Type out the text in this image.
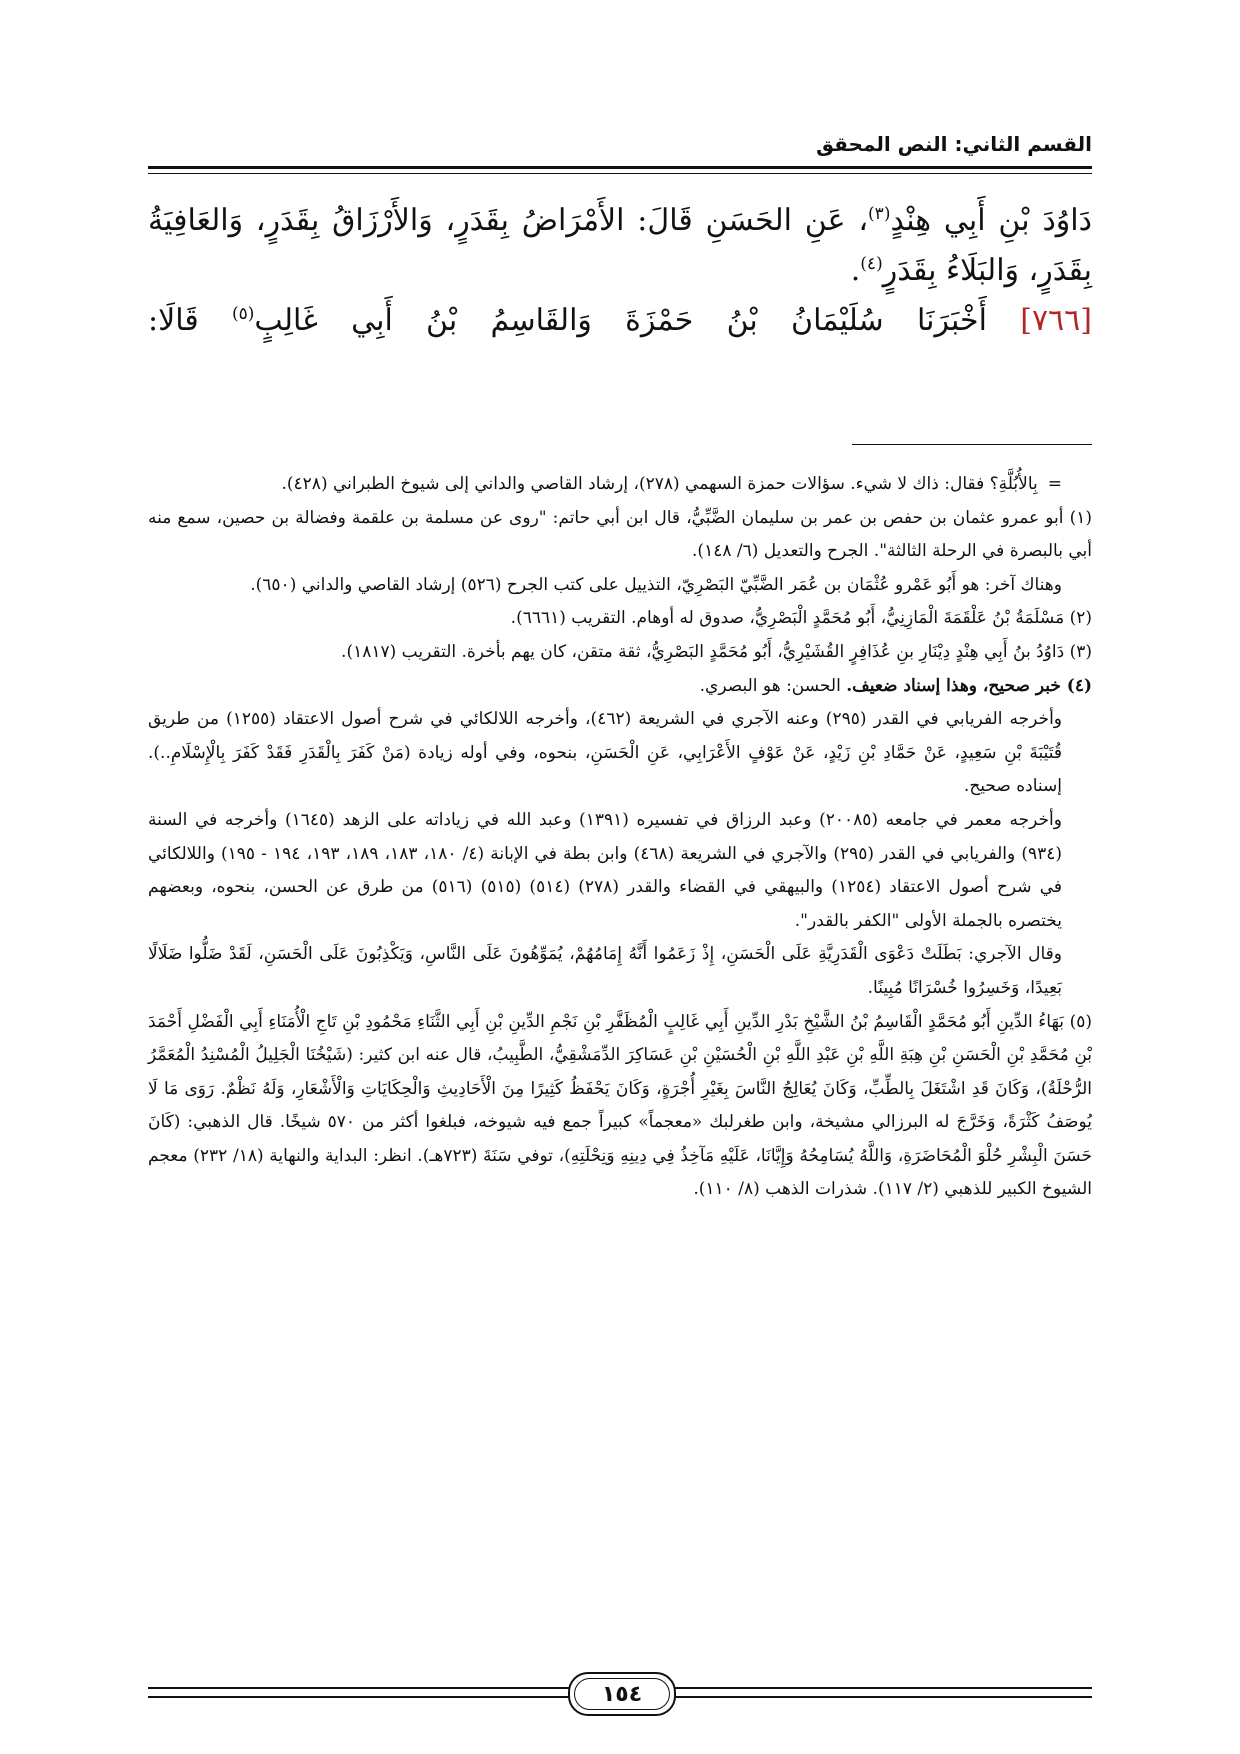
القسم الثاني: النص المحقق

دَاوُدَ بْنِ أَبِي هِنْدٍ$^{(٣)}$، عَنِ الحَسَنِ قَالَ: الأَمْرَاضُ بِقَدَرٍ، وَالأَرْزَاقُ بِقَدَرٍ، وَالعَافِيَةُ بِقَدَرٍ، وَالبَلَاءُ بِقَدَرٍ$^{(٤)}$.

[٧٦٦] أَخْبَرَنَا سُلَيْمَانُ بْنُ حَمْزَةَ وَالقَاسِمُ بْنُ أَبِي غَالِبٍ$^{(٥)}$ قَالَا:

=بِالأُبُلَّةِ؟ فقال: ذاك لا شيء. سؤالات حمزة السهمي (٢٧٨)، إرشاد القاصي والداني إلى شيوخ الطبراني (٤٢٨).

(١) أبو عمرو عثمان بن حفص بن عمر بن سليمان الضَّبِّيُّ، قال ابن أبي حاتم: "روى عن مسلمة بن علقمة وفضالة بن حصين، سمع منه أبي بالبصرة في الرحلة الثالثة". الجرح والتعديل (٦/ ١٤٨).

وهناك آخر: هو أَبُو عَمْرو عُثْمَان بن عُمَر الضَّبِّيّ البَصْرِيّ، التذييل على كتب الجرح (٥٢٦) إرشاد القاصي والداني (٦٥٠).

(٢) مَسْلَمَةُ بْنُ عَلْقَمَةَ الْمَازِنِيُّ، أَبُو مُحَمَّدٍ الْبَصْرِيُّ، صدوق له أوهام. التقريب (٦٦٦١).

(٣) دَاوُدُ بنُ أَبِي هِنْدٍ دِيْنَارِ بنِ عُذَافِرٍ القُشَيْرِيُّ، أَبُو مُحَمَّدٍ البَصْرِيُّ، ثقة متقن، كان يهم بأخرة. التقريب (١٨١٧).

(٤) خبر صحيح، وهذا إسناد ضعيف. الحسن: هو البصري.

وأخرجه الفريابي في القدر (٢٩٥) وعنه الآجري في الشريعة (٤٦٢)، وأخرجه اللالكائي في شرح أصول الاعتقاد (١٢٥٥) من طريق قُتَيْبَةَ بْنِ سَعِيدٍ، عَنْ حَمَّادِ بْنِ زَيْدٍ، عَنْ عَوْفٍ الأَعْرَابِي، عَنِ الْحَسَنِ، بنحوه، وفي أوله زيادة (مَنْ كَفَرَ بِالْقَدَرِ فَقَدْ كَفَرَ بِالْإِسْلَامِ..). إسناده صحيح.

وأخرجه معمر في جامعه (٢٠٠٨٥) وعبد الرزاق في تفسيره (١٣٩١) وعبد الله في زياداته على الزهد (١٦٤٥) وأخرجه في السنة (٩٣٤) والفريابي في القدر (٢٩٥) والآجري في الشريعة (٤٦٨) وابن بطة في الإبانة (٤/ ١٨٠، ١٨٣، ١٨٩، ١٩٣، ١٩٤ - ١٩٥) واللالكائي في شرح أصول الاعتقاد (١٢٥٤) والبيهقي في القضاء والقدر (٢٧٨) (٥١٤) (٥١٥) (٥١٦) من طرق عن الحسن، بنحوه، وبعضهم يختصره بالجملة الأولى "الكفر بالقدر".

وقال الآجري: بَطَلَتْ دَعْوَى الْقَدَرِيَّةِ عَلَى الْحَسَنِ، إِذْ زَعَمُوا أَنَّهُ إِمَامُهُمْ، يُمَوِّهُونَ عَلَى النَّاسِ، وَيَكْذِبُونَ عَلَى الْحَسَنِ، لَقَدْ ضَلُّوا ضَلَالًا بَعِيدًا، وَخَسِرُوا خُسْرَانًا مُبِينًا.

(٥) بَهَاءُ الدِّينِ أَبُو مُحَمَّدٍ الْقَاسِمُ بْنُ الشَّيْخِ بَدْرِ الدِّينِ أَبِي غَالِبٍ الْمُظَفَّرِ بْنِ نَجْمِ الدِّينِ بْنِ أَبِي الثَّنَاءِ مَحْمُودِ بْنِ تَاجِ الْأُمَنَاءِ أَبِي الْفَضْلِ أَحْمَدَ بْنِ مُحَمَّدِ بْنِ الْحَسَنِ بْنِ هِبَةِ اللَّهِ بْنِ عَبْدِ اللَّهِ بْنِ الْحُسَيْنِ بْنِ عَسَاكِرَ الدِّمَشْقِيُّ، الطَّبِيبُ، قال عنه ابن كثير: (شَيْخُنَا الْجَلِيلُ الْمُسْنِدُ الْمُعَمَّرُ الرُّحْلَةُ)، وَكَانَ قَدِ اشْتَغَلَ بِالطِّبِّ، وَكَانَ يُعَالِجُ النَّاسَ بِغَيْرِ أُجْرَةٍ، وَكَانَ يَحْفَظُ كَثِيرًا مِنَ الْأَحَادِيثِ وَالْحِكَايَاتِ وَالْأَشْعَارِ، وَلَهُ نَظْمٌ. رَوَى مَا لَا يُوصَفُ كَثْرَةً، وَخَرَّجَ له البرزالي مشيخة، وابن طغرلبك «معجماً» كبيراً جمع فيه شيوخه، فبلغوا أكثر من ٥٧٠ شيخًا. قال الذهبي: (كَانَ حَسَنَ الْبِشْرِ حُلْوَ الْمُحَاضَرَةِ، وَاللَّهُ يُسَامِحُهُ وَإِيَّانَا، عَلَيْهِ مَآخِذُ فِي دِينِهِ وَنِحْلَتِهِ)، توفي سَنَةَ (٧٢٣هـ). انظر: البداية والنهاية (١٨/ ٢٣٢) معجم الشيوخ الكبير للذهبي (٢/ ١١٧). شذرات الذهب (٨/ ١١٠).

١٥٤
